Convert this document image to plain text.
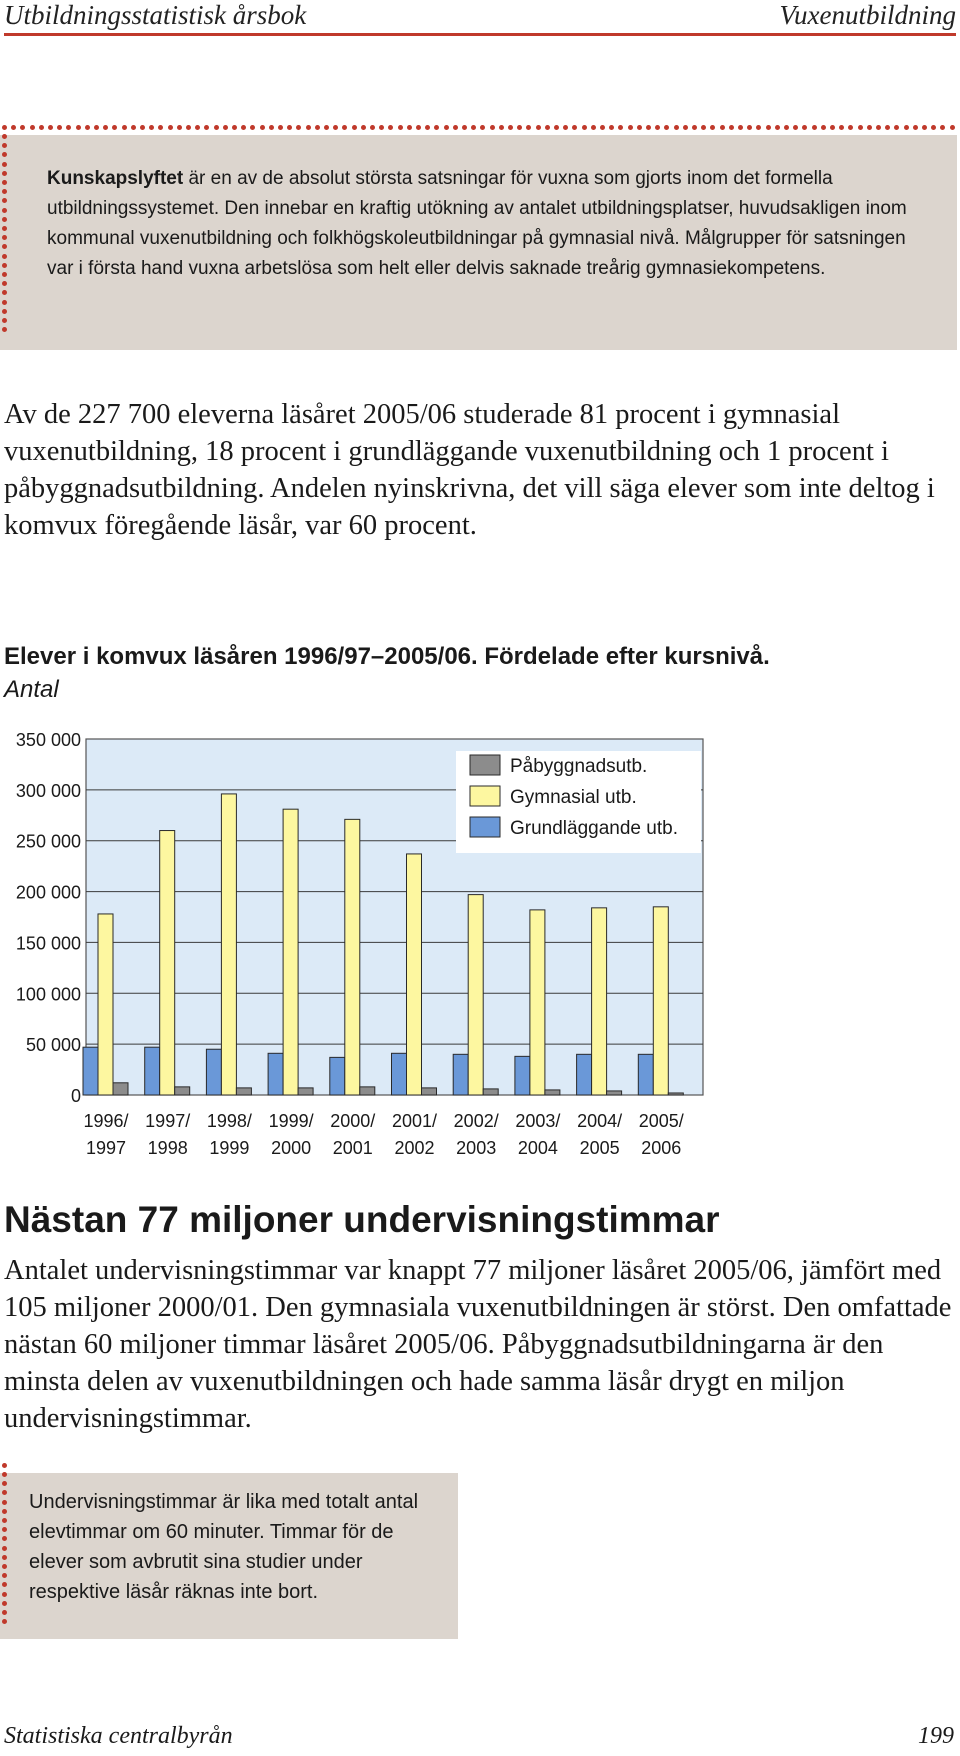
Utbildningsstatistisk årsbok	Vuxenutbildning
Kunskapslyftet är en av de absolut största satsningar för vuxna som gjorts inom det formella utbildningssystemet. Den innebar en kraftig utökning av antalet utbildningsplatser, huvudsakligen inom kommunal vuxenutbildning och folkhögskoleutbildningar på gymnasial nivå. Målgrupper för satsningen var i första hand vuxna arbetslösa som helt eller delvis saknade treårig gymnasiekompetens.
Av de 227 700 eleverna läsåret 2005/06 studerade 81 procent i gymnasial vuxenutbildning, 18 procent i grundläggande vuxenutbildning och 1 procent i påbyggnadsutbildning. Andelen nyinskrivna, det vill säga elever som inte deltog i komvux föregående läsår, var 60 procent.
Elever i komvux läsåren 1996/97–2005/06. Fördelade efter kursnivå.
Antal
0
50 000
100 000
150 000
200 000
250 000
300 000
350 000
1996/
1997
1997/
1998
1998/
1999
1999/
2000
2000/
2001
2001/
2002
2002/
2003
2003/
2004
2004/
2005
2005/
2006
Påbyggnadsutb.
Gymnasial utb.
Grundläggande utb.
Nästan 77 miljoner undervisningstimmar
Antalet undervisningstimmar var knappt 77 miljoner läsåret 2005/06, jämfört med 105 miljoner 2000/01. Den gymnasiala vuxenutbildningen är störst. Den omfattade nästan 60 miljoner timmar läsåret 2005/06. Påbyggnadsutbildningarna är den minsta delen av vuxenutbildningen och hade samma läsår drygt en miljon undervisningstimmar.
Undervisningstimmar är lika med totalt antal elevtimmar om 60 minuter. Timmar för de elever som avbrutit sina studier under respektive läsår räknas inte bort.
Statistiska centralbyrån	199
